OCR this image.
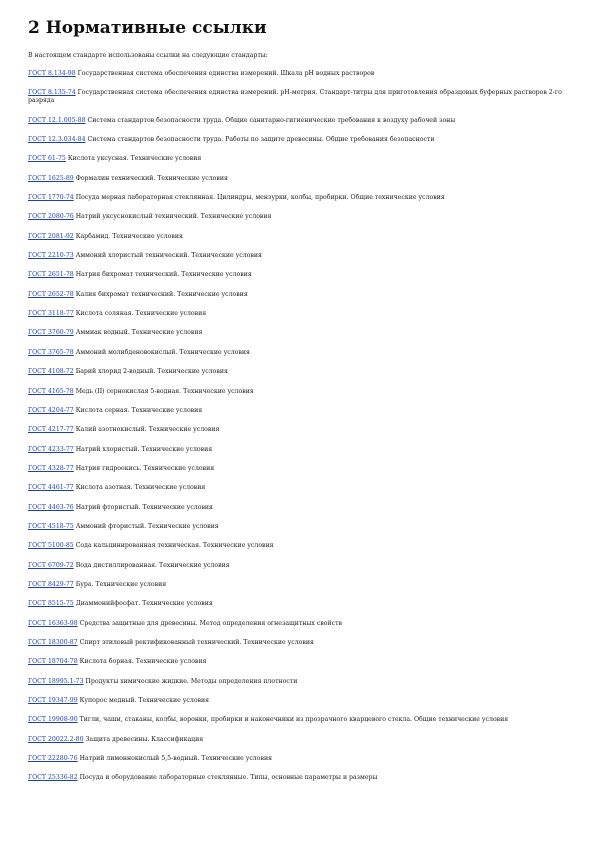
2 Нормативные ссылки

В настоящем стандарте использованы ссылки на следующие стандарты:

ГОСТ 8.134-98 Государственная система обеспечения единства измерений. Шкала pH водных растворов
ГОСТ 8.135-74 Государственная система обеспечения единства измерений. pH-метрия. Стандарт-титры для приготовления образцовых буферных растворов 2-го разряда
ГОСТ 12.1.005-88 Система стандартов безопасности труда. Общие санитарно-гигиенические требования к воздуху рабочей зоны
ГОСТ 12.3.034-84 Система стандартов безопасности труда. Работы по защите древесины. Общие требования безопасности
ГОСТ 61-75 Кислота уксусная. Технические условия
ГОСТ 1625-89 Формалин технический. Технические условия
ГОСТ 1770-74 Посуда мерная лабораторная стеклянная. Цилиндры, мензурки, колбы, пробирки. Общие технические условия
ГОСТ 2080-76 Натрий уксуснокислый технический. Технические условия
ГОСТ 2081-92 Карбамид. Технические условия
ГОСТ 2210-73 Аммоний хлористый технический. Технические условия
ГОСТ 2651-78 Натрия бихромат технический. Технические условия
ГОСТ 2652-78 Калия бихромат технический. Технические условия
ГОСТ 3118-77 Кислота соляная. Технические условия
ГОСТ 3760-79 Аммиак водный. Технические условия
ГОСТ 3765-78 Аммоний молибденовокислый. Технические условия
ГОСТ 4108-72 Барий хлорид 2-водный. Технические условия
ГОСТ 4165-78 Медь (II) сернокислая 5-водная. Технические условия
ГОСТ 4204-77 Кислота серная. Технические условия
ГОСТ 4217-77 Калий азотнокислый. Технические условия
ГОСТ 4233-77 Натрий хлористый. Технические условия
ГОСТ 4328-77 Натрия гидроокись. Технические условия
ГОСТ 4461-77 Кислота азотная. Технические условия
ГОСТ 4463-76 Натрий фтористый. Технические условия
ГОСТ 4518-75 Аммоний фтористый. Технические условия
ГОСТ 5100-85 Сода кальцинированная техническая. Технические условия
ГОСТ 6709-72 Вода дистиллированная. Технические условия
ГОСТ 8429-77 Бура. Технические условия
ГОСТ 8515-75 Диаммонийфосфат. Технические условия
ГОСТ 16363-98 Средства защитные для древесины. Метод определения огнезащитных свойств
ГОСТ 18300-87 Спирт этиловый ректификованный технический. Технические условия
ГОСТ 18704-78 Кислота борная. Технические условия
ГОСТ 18995.1-73 Продукты химические жидкие. Методы определения плотности
ГОСТ 19347-99 Купорос медный. Технические условия
ГОСТ 19908-90 Тигли, чаши, стаканы, колбы, воронки, пробирки и наконечники из прозрачного кварцевого стекла. Общие технические условия
ГОСТ 20022.2-80 Защита древесины. Классификация
ГОСТ 22280-76 Натрий лимоннокислый 5,5-водный. Технические условия
ГОСТ 25336-82 Посуда и оборудование лабораторные стеклянные. Типы, основные параметры и размеры
